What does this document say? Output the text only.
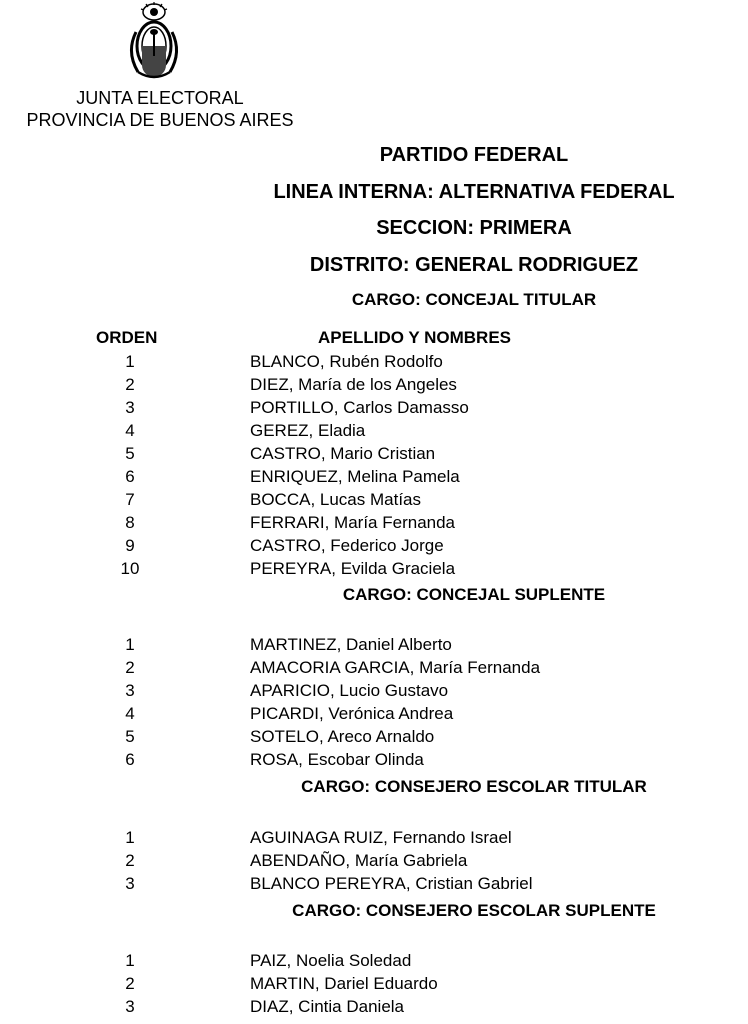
JUNTA ELECTORAL
PROVINCIA DE BUENOS AIRES
PARTIDO FEDERAL
LINEA INTERNA: ALTERNATIVA FEDERAL
SECCION: PRIMERA
DISTRITO: GENERAL RODRIGUEZ
CARGO: CONCEJAL TITULAR
ORDEN	APELLIDO Y NOMBRES
1	BLANCO, Rubén Rodolfo
2	DIEZ, María de los Angeles
3	PORTILLO, Carlos Damasso
4	GEREZ, Eladia
5	CASTRO, Mario Cristian
6	ENRIQUEZ, Melina Pamela
7	BOCCA, Lucas Matías
8	FERRARI, María Fernanda
9	CASTRO, Federico Jorge
10	PEREYRA, Evilda Graciela
CARGO: CONCEJAL SUPLENTE
1	MARTINEZ, Daniel Alberto
2	AMACORIA GARCIA, María Fernanda
3	APARICIO, Lucio Gustavo
4	PICARDI, Verónica Andrea
5	SOTELO, Areco Arnaldo
6	ROSA, Escobar Olinda
CARGO: CONSEJERO ESCOLAR TITULAR
1	AGUINAGA RUIZ, Fernando Israel
2	ABENDAÑO, María Gabriela
3	BLANCO PEREYRA, Cristian Gabriel
CARGO: CONSEJERO ESCOLAR SUPLENTE
1	PAIZ, Noelia Soledad
2	MARTIN, Dariel Eduardo
3	DIAZ, Cintia Daniela
